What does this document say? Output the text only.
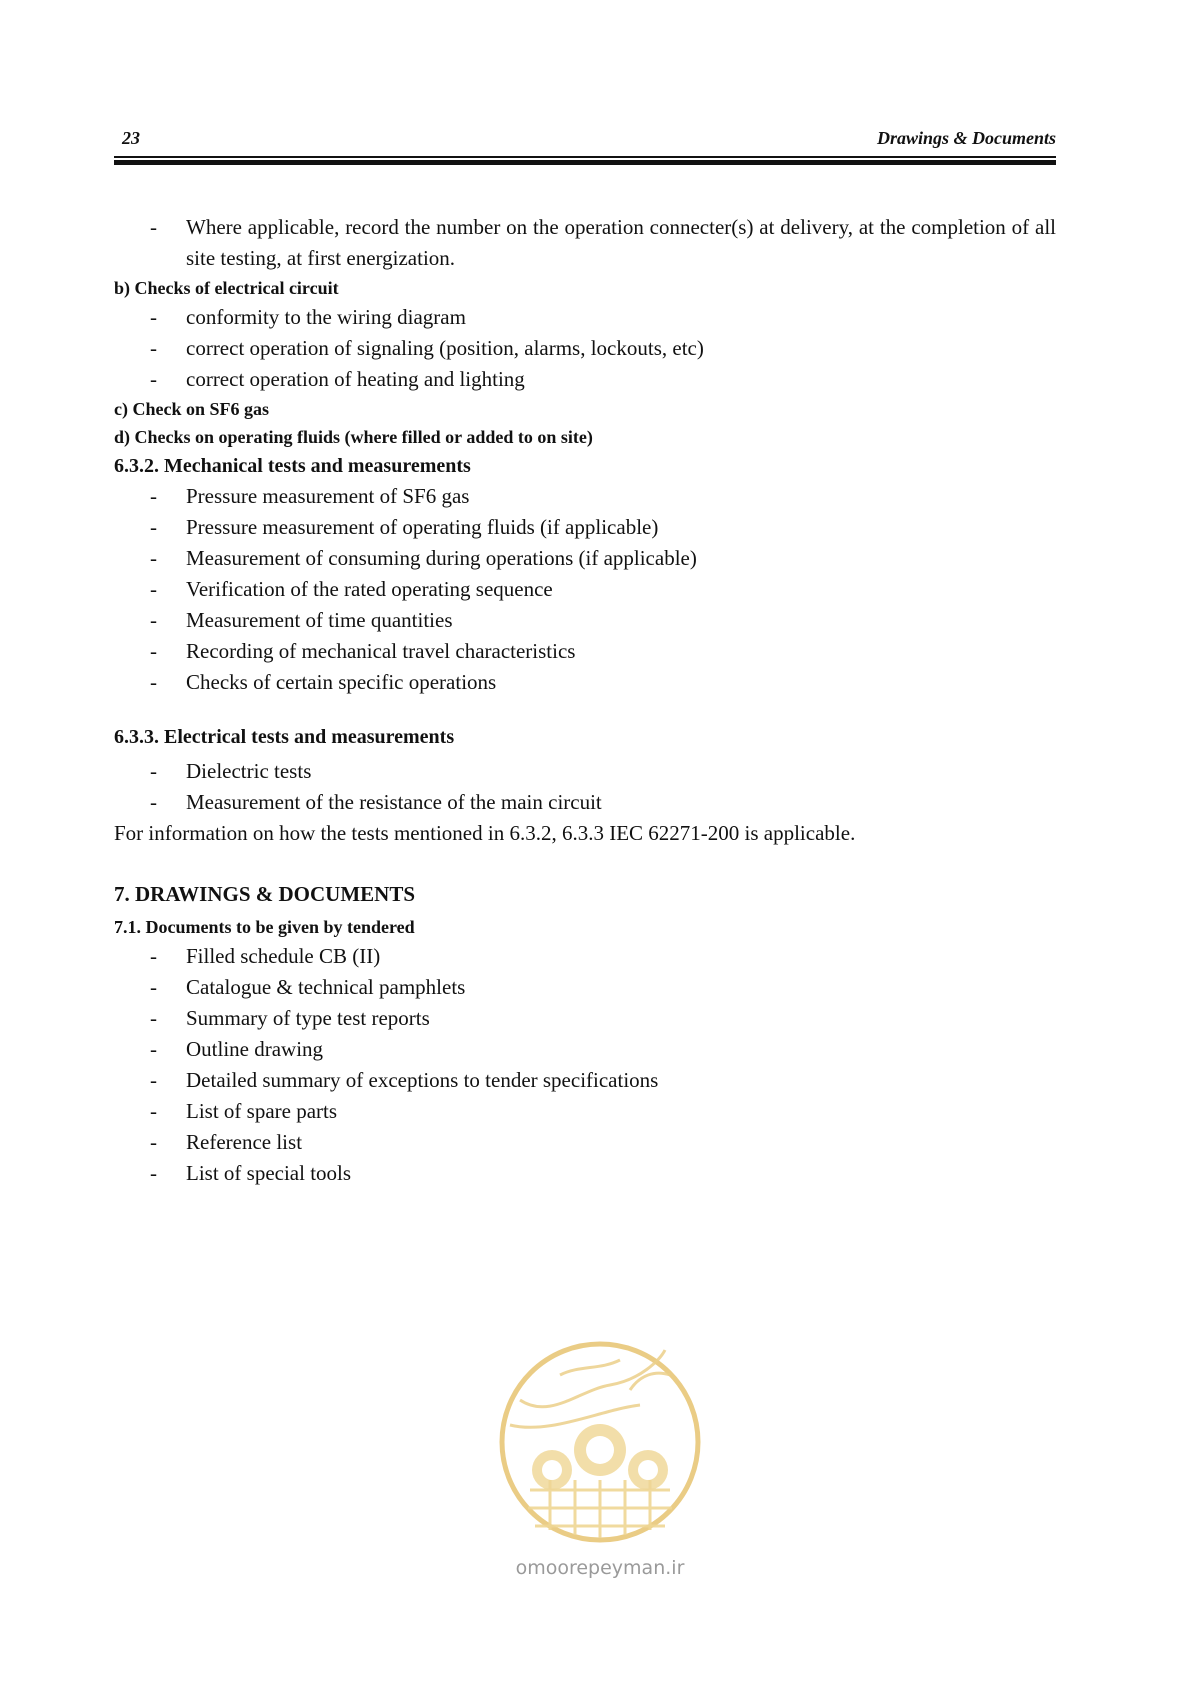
23	Drawings & Documents
-	Where applicable, record the number on the operation connecter(s) at delivery, at the completion of all site testing, at first energization.
b) Checks of electrical circuit
-	conformity to the wiring diagram
-	correct operation of signaling (position, alarms, lockouts, etc)
-	correct operation of heating and lighting
c) Check on SF6 gas
d) Checks on operating fluids (where filled or added to on site)
6.3.2. Mechanical tests and measurements
-	Pressure measurement of SF6 gas
-	Pressure measurement of operating fluids (if applicable)
-	Measurement of consuming during operations (if applicable)
-	Verification of the rated operating sequence
-	Measurement of time quantities
-	Recording of mechanical travel characteristics
-	Checks of certain specific operations
6.3.3. Electrical tests and measurements
-	Dielectric tests
-	Measurement of the resistance of the main circuit
For information on how the tests mentioned in 6.3.2, 6.3.3 IEC 62271-200 is applicable.
7. DRAWINGS & DOCUMENTS
7.1. Documents to be given by tendered
-	Filled schedule CB (II)
-	Catalogue & technical pamphlets
-	Summary of type test reports
-	Outline drawing
-	Detailed summary of exceptions to tender specifications
-	List of spare parts
-	Reference list
-	List of special tools
omoorepeyman.ir
